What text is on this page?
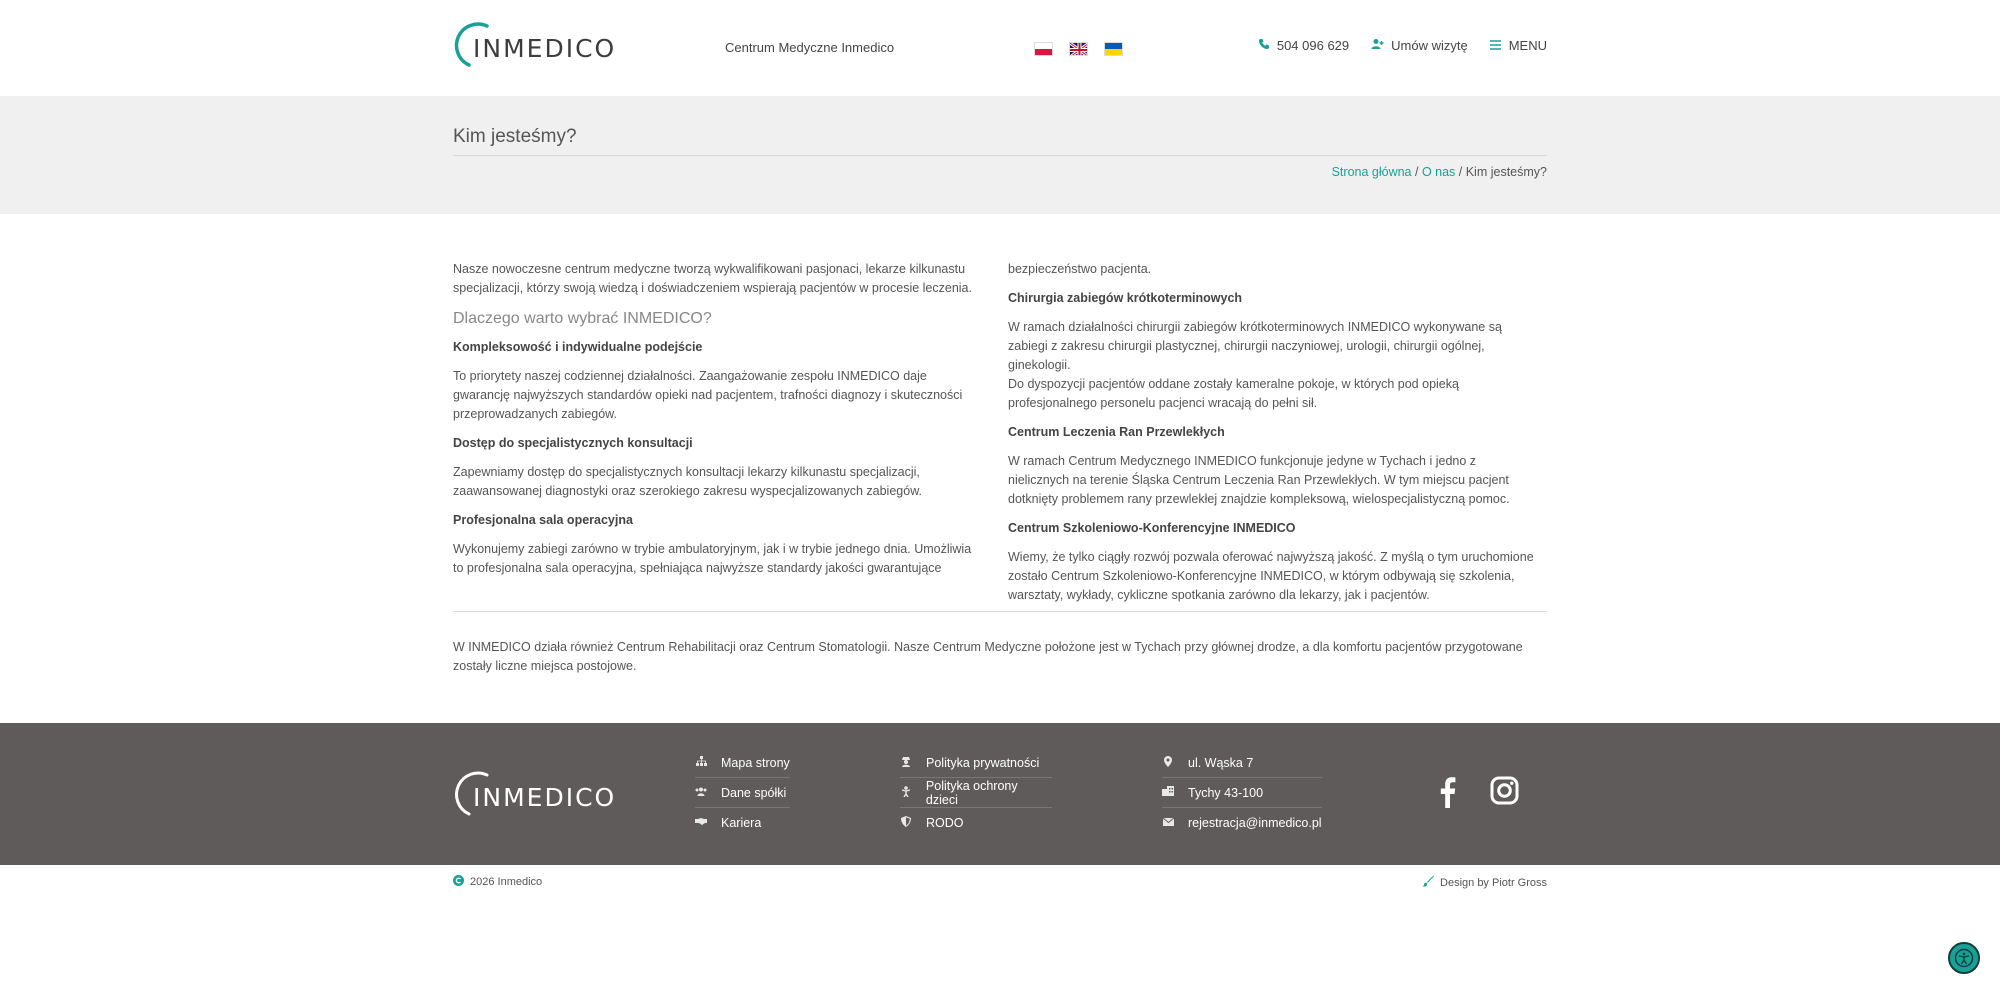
INMEDICO	Centrum Medyczne Inmedico	504 096 629	Umów wizytę	MENU
Kim jesteśmy?
Strona główna / O nas / Kim jesteśmy?

Nasze nowoczesne centrum medyczne tworzą wykwalifikowani pasjonaci, lekarze kilkunastu specjalizacji, którzy swoją wiedzą i doświadczeniem wspierają pacjentów w procesie leczenia.

Dlaczego warto wybrać INMEDICO?
Kompleksowość i indywidualne podejście

To priorytety naszej codziennej działalności. Zaangażowanie zespołu INMEDICO daje gwarancję najwyższych standardów opieki nad pacjentem, trafności diagnozy i skuteczności przeprowadzanych zabiegów.

Dostęp do specjalistycznych konsultacji

Zapewniamy dostęp do specjalistycznych konsultacji lekarzy kilkunastu specjalizacji, zaawansowanej diagnostyki oraz szerokiego zakresu wyspecjalizowanych zabiegów.

Profesjonalna sala operacyjna

Wykonujemy zabiegi zarówno w trybie ambulatoryjnym, jak i w trybie jednego dnia. Umożliwia to profesjonalna sala operacyjna, spełniająca najwyższe standardy jakości gwarantujące

bezpieczeństwo pacjenta.

Chirurgia zabiegów krótkoterminowych

W ramach działalności chirurgii zabiegów krótkoterminowych INMEDICO wykonywane są zabiegi z zakresu chirurgii plastycznej, chirurgii naczyniowej, urologii, chirurgii ogólnej, ginekologii.

Do dyspozycji pacjentów oddane zostały kameralne pokoje, w których pod opieką profesjonalnego personelu pacjenci wracają do pełni sił.

Centrum Leczenia Ran Przewlekłych

W ramach Centrum Medycznego INMEDICO funkcjonuje jedyne w Tychach i jedno z nielicznych na terenie Śląska Centrum Leczenia Ran Przewlekłych. W tym miejscu pacjent dotknięty problemem rany przewlekłej znajdzie kompleksową, wielospecjalistyczną pomoc.

Centrum Szkoleniowo-Konferencyjne INMEDICO

Wiemy, że tylko ciągły rozwój pozwala oferować najwyższą jakość. Z myślą o tym uruchomione zostało Centrum Szkoleniowo-Konferencyjne INMEDICO, w którym odbywają się szkolenia, warsztaty, wykłady, cykliczne spotkania zarówno dla lekarzy, jak i pacjentów.

W INMEDICO działa również Centrum Rehabilitacji oraz Centrum Stomatologii. Nasze Centrum Medyczne położone jest w Tychach przy głównej drodze, a dla komfortu pacjentów przygotowane zostały liczne miejsca postojowe.

INMEDICO
Mapa strony
Dane spółki
Kariera
Polityka prywatności
Polityka ochrony dzieci
RODO
ul. Wąska 7
Tychy 43-100
rejestracja@inmedico.pl
2026 Inmedico	Design by Piotr Gross
